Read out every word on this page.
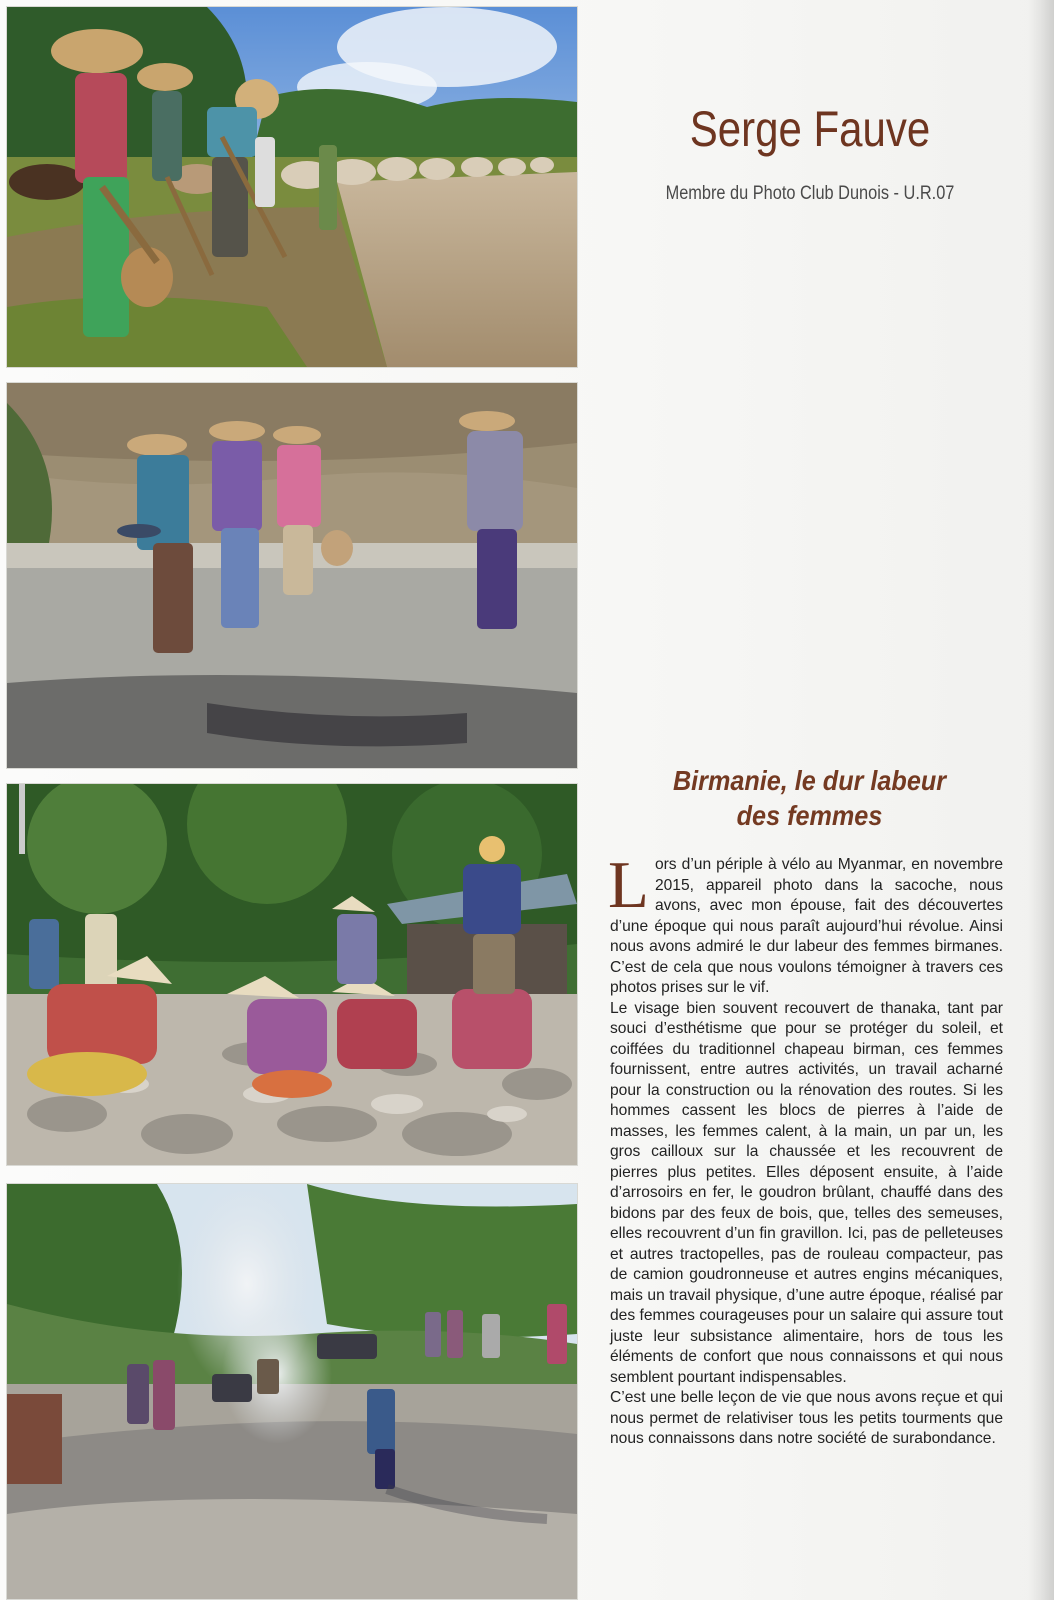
Serge Fauve
Membre du Photo Club Dunois - U.R.07
Birmanie, le dur labeur
des femmes

Lors d’un périple à vélo au Myanmar, en novembre 2015, appareil photo dans la sacoche, nous avons, avec mon épouse, fait des découvertes d’une époque qui nous paraît aujourd’hui révolue. Ainsi nous avons admiré le dur labeur des femmes birmanes. C’est de cela que nous voulons témoigner à travers ces photos prises sur le vif.

Le visage bien souvent recouvert de thanaka, tant par souci d’esthétisme que pour se protéger du soleil, et coiffées du traditionnel chapeau birman, ces femmes fournissent, entre autres activités, un travail acharné pour la construction ou la rénovation des routes. Si les hommes cassent les blocs de pierres à l’aide de masses, les femmes calent, à la main, un par un, les gros cailloux sur la chaussée et les recouvrent de pierres plus petites. Elles déposent ensuite, à l’aide d’arrosoirs en fer, le goudron brûlant, chauffé dans des bidons par des feux de bois, que, telles des semeuses, elles recouvrent d’un fin gravillon. Ici, pas de pelleteuses et autres tractopelles, pas de rouleau compacteur, pas de camion goudronneuse et autres engins mécaniques, mais un travail physique, d’une autre époque, réalisé par des femmes courageuses pour un salaire qui assure tout juste leur subsistance alimentaire, hors de tous les éléments de confort que nous connaissons et qui nous semblent pourtant indispensables.

C’est une belle leçon de vie que nous avons reçue et qui nous permet de relativiser tous les petits tourments que nous connaissons dans notre société de surabondance.
